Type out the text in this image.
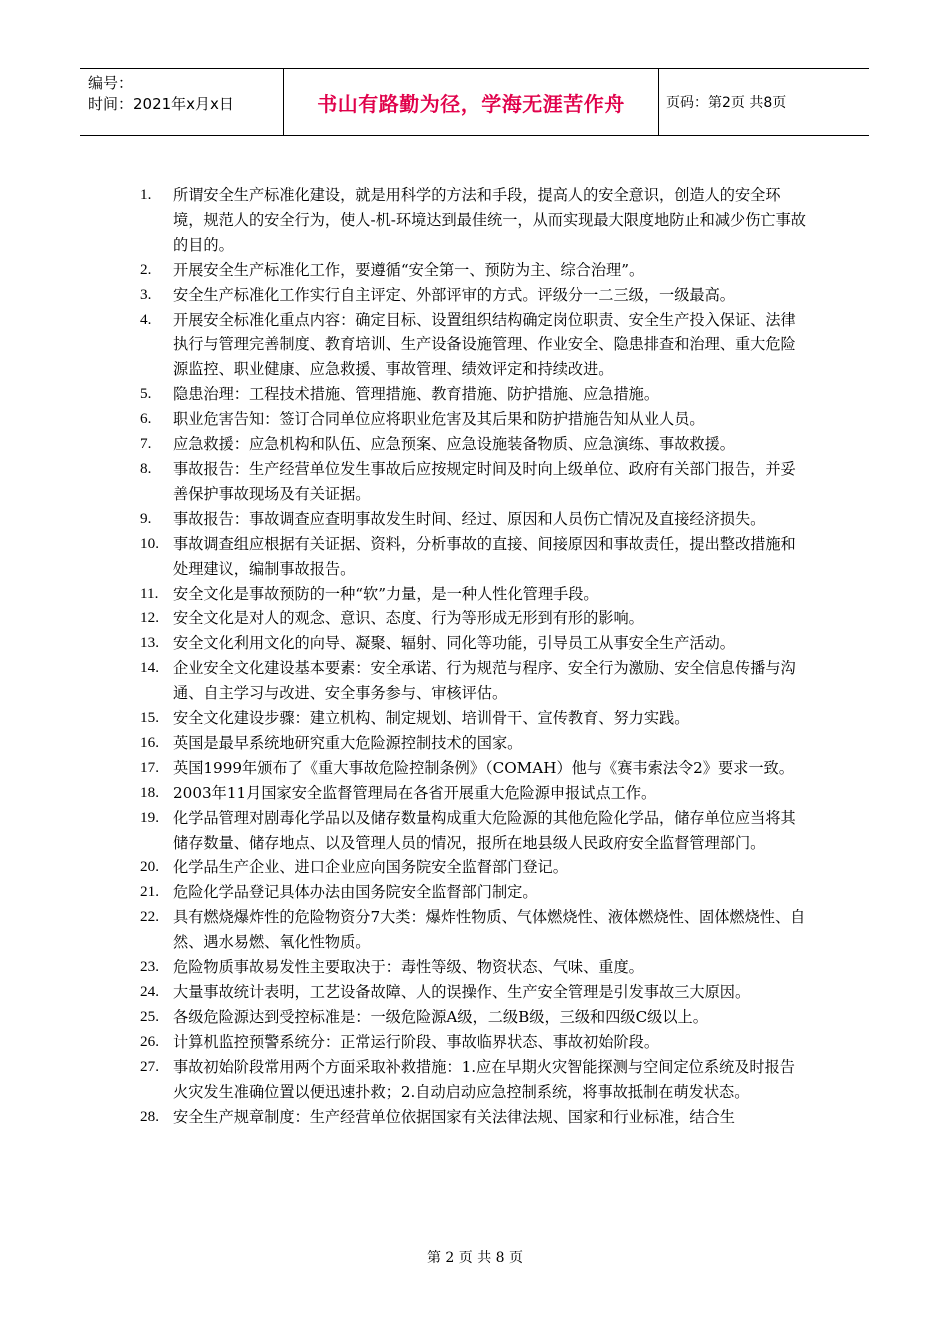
编号：
时间：2021年x月x日	书山有路勤为径，学海无涯苦作舟	页码：第2页 共8页
1.	所谓安全生产标准化建设，就是用科学的方法和手段，提高人的安全意识，创造人的安全环境，规范人的安全行为，使人-机-环境达到最佳统一，从而实现最大限度地防止和减少伤亡事故的目的。
2.	开展安全生产标准化工作，要遵循“安全第一、预防为主、综合治理”。
3.	安全生产标准化工作实行自主评定、外部评审的方式。评级分一二三级，一级最高。
4.	开展安全标准化重点内容：确定目标、设置组织结构确定岗位职责、安全生产投入保证、法律执行与管理完善制度、教育培训、生产设备设施管理、作业安全、隐患排查和治理、重大危险源监控、职业健康、应急救援、事故管理、绩效评定和持续改进。
5.	隐患治理：工程技术措施、管理措施、教育措施、防护措施、应急措施。
6.	职业危害告知：签订合同单位应将职业危害及其后果和防护措施告知从业人员。
7.	应急救援：应急机构和队伍、应急预案、应急设施装备物质、应急演练、事故救援。
8.	事故报告：生产经营单位发生事故后应按规定时间及时向上级单位、政府有关部门报告，并妥善保护事故现场及有关证据。
9.	事故报告：事故调查应查明事故发生时间、经过、原因和人员伤亡情况及直接经济损失。
10. 事故调查组应根据有关证据、资料，分析事故的直接、间接原因和事故责任，提出整改措施和处理建议，编制事故报告。
11. 安全文化是事故预防的一种“软”力量，是一种人性化管理手段。
12. 安全文化是对人的观念、意识、态度、行为等形成无形到有形的影响。
13. 安全文化利用文化的向导、凝聚、辐射、同化等功能，引导员工从事安全生产活动。
14. 企业安全文化建设基本要素：安全承诺、行为规范与程序、安全行为激励、安全信息传播与沟通、自主学习与改进、安全事务参与、审核评估。
15. 安全文化建设步骤：建立机构、制定规划、培训骨干、宣传教育、努力实践。
16. 英国是最早系统地研究重大危险源控制技术的国家。
17. 英国1999年颁布了《重大事故危险控制条例》（COMAH）他与《赛韦索法令2》要求一致。
18. 2003年11月国家安全监督管理局在各省开展重大危险源申报试点工作。
19. 化学品管理对剧毒化学品以及储存数量构成重大危险源的其他危险化学品，储存单位应当将其储存数量、储存地点、以及管理人员的情况，报所在地县级人民政府安全监督管理部门。
20. 化学品生产企业、进口企业应向国务院安全监督部门登记。
21. 危险化学品登记具体办法由国务院安全监督部门制定。
22. 具有燃烧爆炸性的危险物资分7大类：爆炸性物质、气体燃烧性、液体燃烧性、固体燃烧性、自然、遇水易燃、氧化性物质。
23. 危险物质事故易发性主要取决于：毒性等级、物资状态、气味、重度。
24. 大量事故统计表明，工艺设备故障、人的误操作、生产安全管理是引发事故三大原因。
25. 各级危险源达到受控标准是：一级危险源A级，二级B级，三级和四级C级以上。
26. 计算机监控预警系统分：正常运行阶段、事故临界状态、事故初始阶段。
27. 事故初始阶段常用两个方面采取补救措施：1.应在早期火灾智能探测与空间定位系统及时报告火灾发生准确位置以便迅速扑救；2.自动启动应急控制系统，将事故抵制在萌发状态。
28. 安全生产规章制度：生产经营单位依据国家有关法律法规、国家和行业标准，结合生
第 2 页 共 8 页
